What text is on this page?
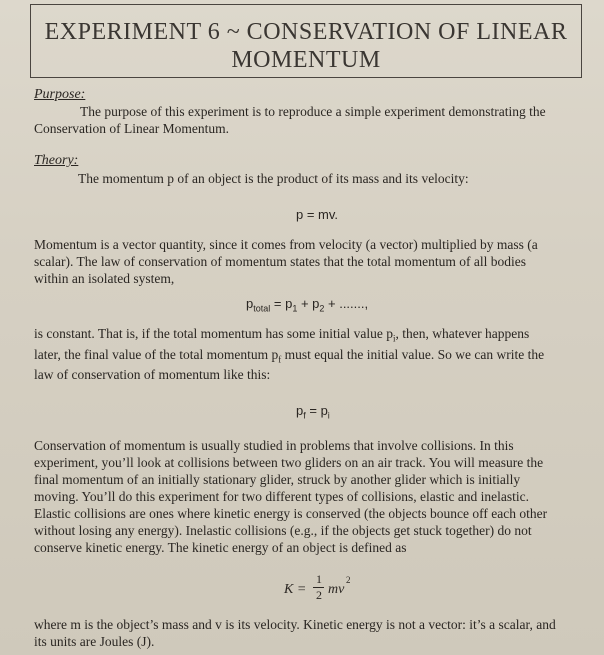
EXPERIMENT 6 ~ CONSERVATION OF LINEAR
MOMENTUM
Purpose:
The purpose of this experiment is to reproduce a simple experiment demonstrating the
Conservation of Linear Momentum.
Theory:
The momentum p of an object is the product of its mass and its velocity:
p = mv.
Momentum is a vector quantity, since it comes from velocity (a vector) multiplied by mass (a
scalar). The law of conservation of momentum states that the total momentum of all bodies
within an isolated system,
$p_{total} = p_1 + p_2$ + .......,
is constant. That is, if the total momentum has some initial value $p_i$, then, whatever happens
later, the final value of the total momentum $p_f$ must equal the initial value. So we can write the
law of conservation of momentum like this:
$p_f = p_i$
Conservation of momentum is usually studied in problems that involve collisions. In this
experiment, you’ll look at collisions between two gliders on an air track. You will measure the
final momentum of an initially stationary glider, struck by another glider which is initially
moving. You’ll do this experiment for two different types of collisions, elastic and inelastic.
Elastic collisions are ones where kinetic energy is conserved (the objects bounce off each other
without losing any energy). Inelastic collisions (e.g., if the objects get stuck together) do not
conserve kinetic energy. The kinetic energy of an object is defined as
K =
1
2 mv
2
where m is the object’s mass and v is its velocity. Kinetic energy is not a vector: it’s a scalar, and
its units are Joules (J).
